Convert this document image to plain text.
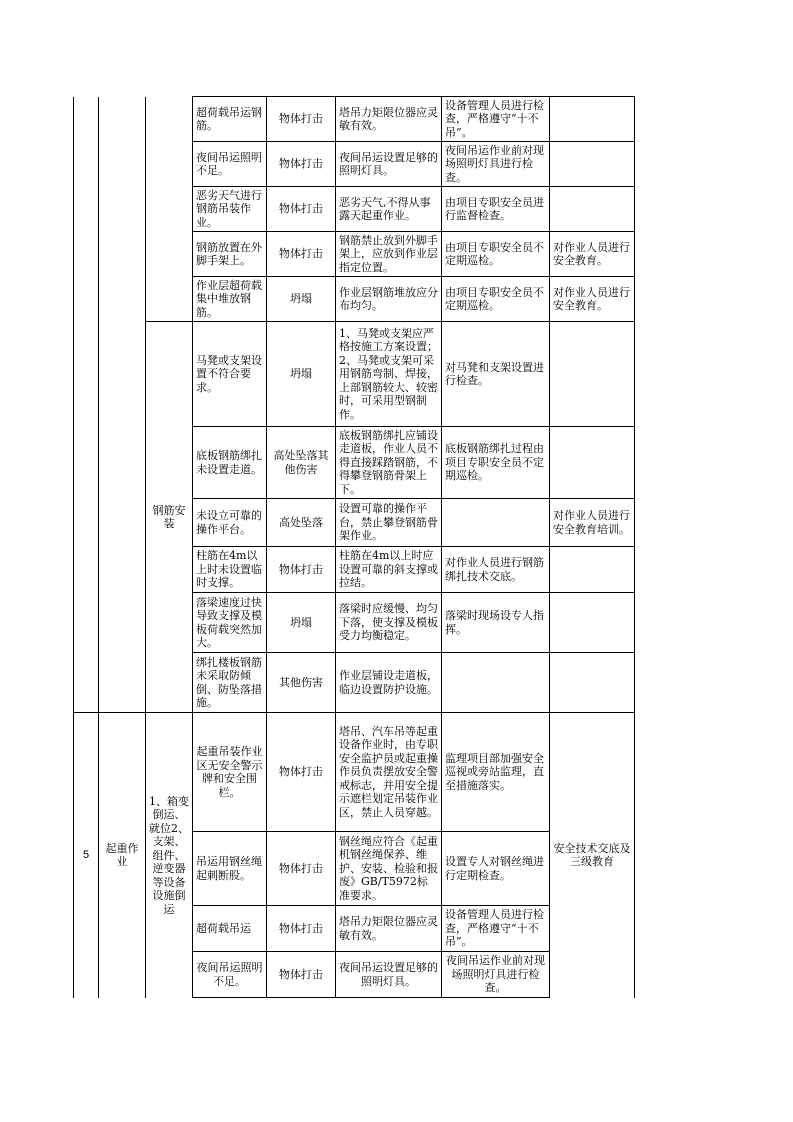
			超荷载吊运钢筋。	物体打击	塔吊力矩限位器应灵敏有效。	设备管理人员进行检查，严格遵守“十不吊”。	
			夜间吊运照明不足。	物体打击	夜间吊运设置足够的照明灯具。	夜间吊运作业前对现场照明灯具进行检查。	
			恶劣天气进行钢筋吊装作业。	物体打击	恶劣天气,不得从事露天起重作业。	由项目专职安全员进行监督检查。	
			钢筋放置在外脚手架上。	物体打击	钢筋禁止放到外脚手架上，应放到作业层指定位置。	由项目专职安全员不定期巡检。	对作业人员进行安全教育。
			作业层超荷载集中堆放钢筋。	坍塌	作业层钢筋堆放应分布均匀。	由项目专职安全员不定期巡检。	对作业人员进行安全教育。
		钢筋安装	马凳或支架设置不符合要求。	坍塌	1、马凳或支架应严格按施工方案设置；2、马凳或支架可采用钢筋弯制、焊接，上部钢筋较大、较密时，可采用型钢制作。	对马凳和支架设置进行检查。	
			底板钢筋绑扎未设置走道。	高处坠落其他伤害	底板钢筋绑扎应铺设走道板，作业人员不得直接踩踏钢筋，不得攀登钢筋骨架上下。	底板钢筋绑扎过程由项目专职安全员不定期巡检。	
			未设立可靠的操作平台。	高处坠落	设置可靠的操作平台，禁止攀登钢筋骨架作业。		对作业人员进行安全教育培训。
			柱筋在4m以上时未设置临时支撑。	物体打击	柱筋在4m以上时应设置可靠的斜支撑或拉结。	对作业人员进行钢筋绑扎技术交底。	
			落梁速度过快导致支撑及模板荷载突然加大。	坍塌	落梁时应缓慢、均匀下落，使支撑及模板受力均衡稳定。	落梁时现场设专人指挥。	
			绑扎楼板钢筋未采取防倾倒、防坠落措施。	其他伤害	作业层铺设走道板，临边设置防护设施。		
5	起重作业	1、箱变倒运、就位2、支架、组件、逆变器等设备设施倒运	起重吊装作业区无安全警示牌和安全围栏。	物体打击	塔吊、汽车吊等起重设备作业时，由专职安全监护员或起重操作员负责摆放安全警戒标志，并用安全提示遮栏划定吊装作业区，禁止人员穿越。	监理项目部加强安全巡视或旁站监理，直至措施落实。	安全技术交底及三级教育
			吊运用钢丝绳起刺断股。	物体打击	钢丝绳应符合《起重机钢丝绳保养、维护、安装、检验和报废》GB/T5972标准要求。	设置专人对钢丝绳进行定期检查。	
			超荷载吊运	物体打击	塔吊力矩限位器应灵敏有效。	设备管理人员进行检查，严格遵守“十不吊”。	
			夜间吊运照明不足。	物体打击	夜间吊运设置足够的照明灯具。	夜间吊运作业前对现场照明灯具进行检查。	
